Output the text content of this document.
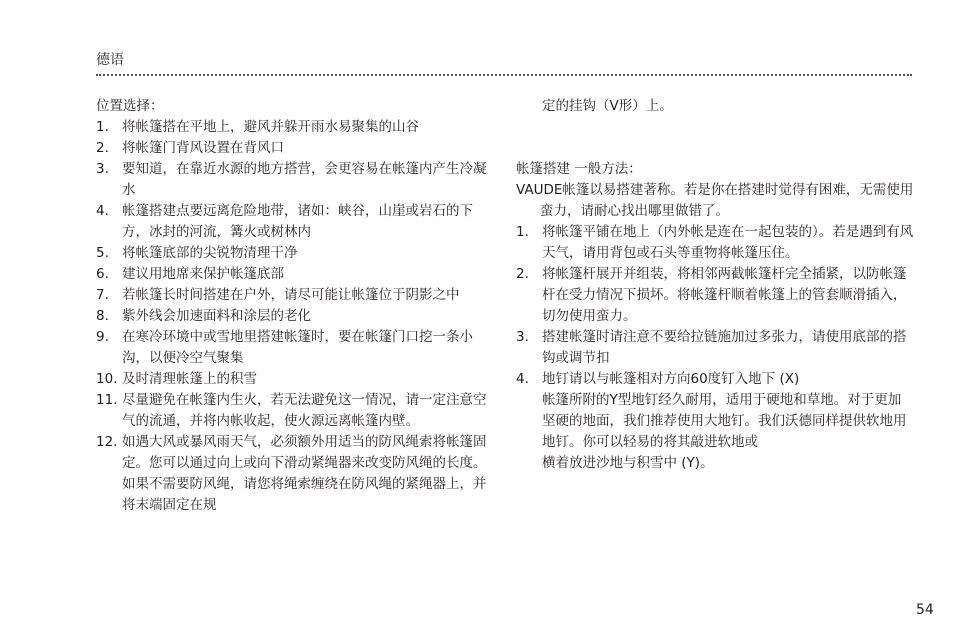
德语

位置选择：

1. 将帐篷搭在平地上，避风并躲开雨水易聚集的山谷
2. 将帐篷门背风设置在背风口
3. 要知道，在靠近水源的地方搭营，会更容易在帐篷内产生冷凝水
4. 帐篷搭建点要远离危险地带，诸如：峡谷，山崖或岩石的下方，冰封的河流，篝火或树林内
5. 将帐篷底部的尖锐物清理干净
6. 建议用地席来保护帐篷底部
7. 若帐篷长时间搭建在户外，请尽可能让帐篷位于阴影之中
8. 紫外线会加速面料和涂层的老化
9. 在寒冷环境中或雪地里搭建帐篷时，要在帐篷门口挖一条小沟，以便冷空气聚集
10. 及时清理帐篷上的积雪
11. 尽量避免在帐篷内生火，若无法避免这一情况，请一定注意空气的流通，并将内帐收起，使火源远离帐篷内壁。
12. 如遇大风或暴风雨天气，必须额外用适当的防风绳索将帐篷固定。您可以通过向上或向下滑动紧绳器来改变防风绳的长度。如果不需要防风绳，请您将绳索缠绕在防风绳的紧绳器上，并将末端固定在规

定的挂钩（V形）上。

帐篷搭建 一般方法：

VAUDE帐篷以易搭建著称。若是你在搭建时觉得有困难，无需使用蛮力，请耐心找出哪里做错了。

1. 将帐篷平铺在地上（内外帐是连在一起包装的）。若是遇到有风天气，请用背包或石头等重物将帐篷压住。
2. 将帐篷杆展开并组装，将相邻两截帐篷杆完全插紧，以防帐篷杆在受力情况下损坏。将帐篷杆顺着帐篷上的管套顺滑插入，切勿使用蛮力。
3. 搭建帐篷时请注意不要给拉链施加过多张力，请使用底部的搭钩或调节扣
4. 地钉请以与帐篷相对方向60度钉入地下 (X)
帐篷所附的Y型地钉经久耐用，适用于硬地和草地。对于更加坚硬的地面，我们推荐使用大地钉。我们沃德同样提供软地用地钉。你可以轻易的将其敲进软地或
横着放进沙地与积雪中 (Y)。
54
